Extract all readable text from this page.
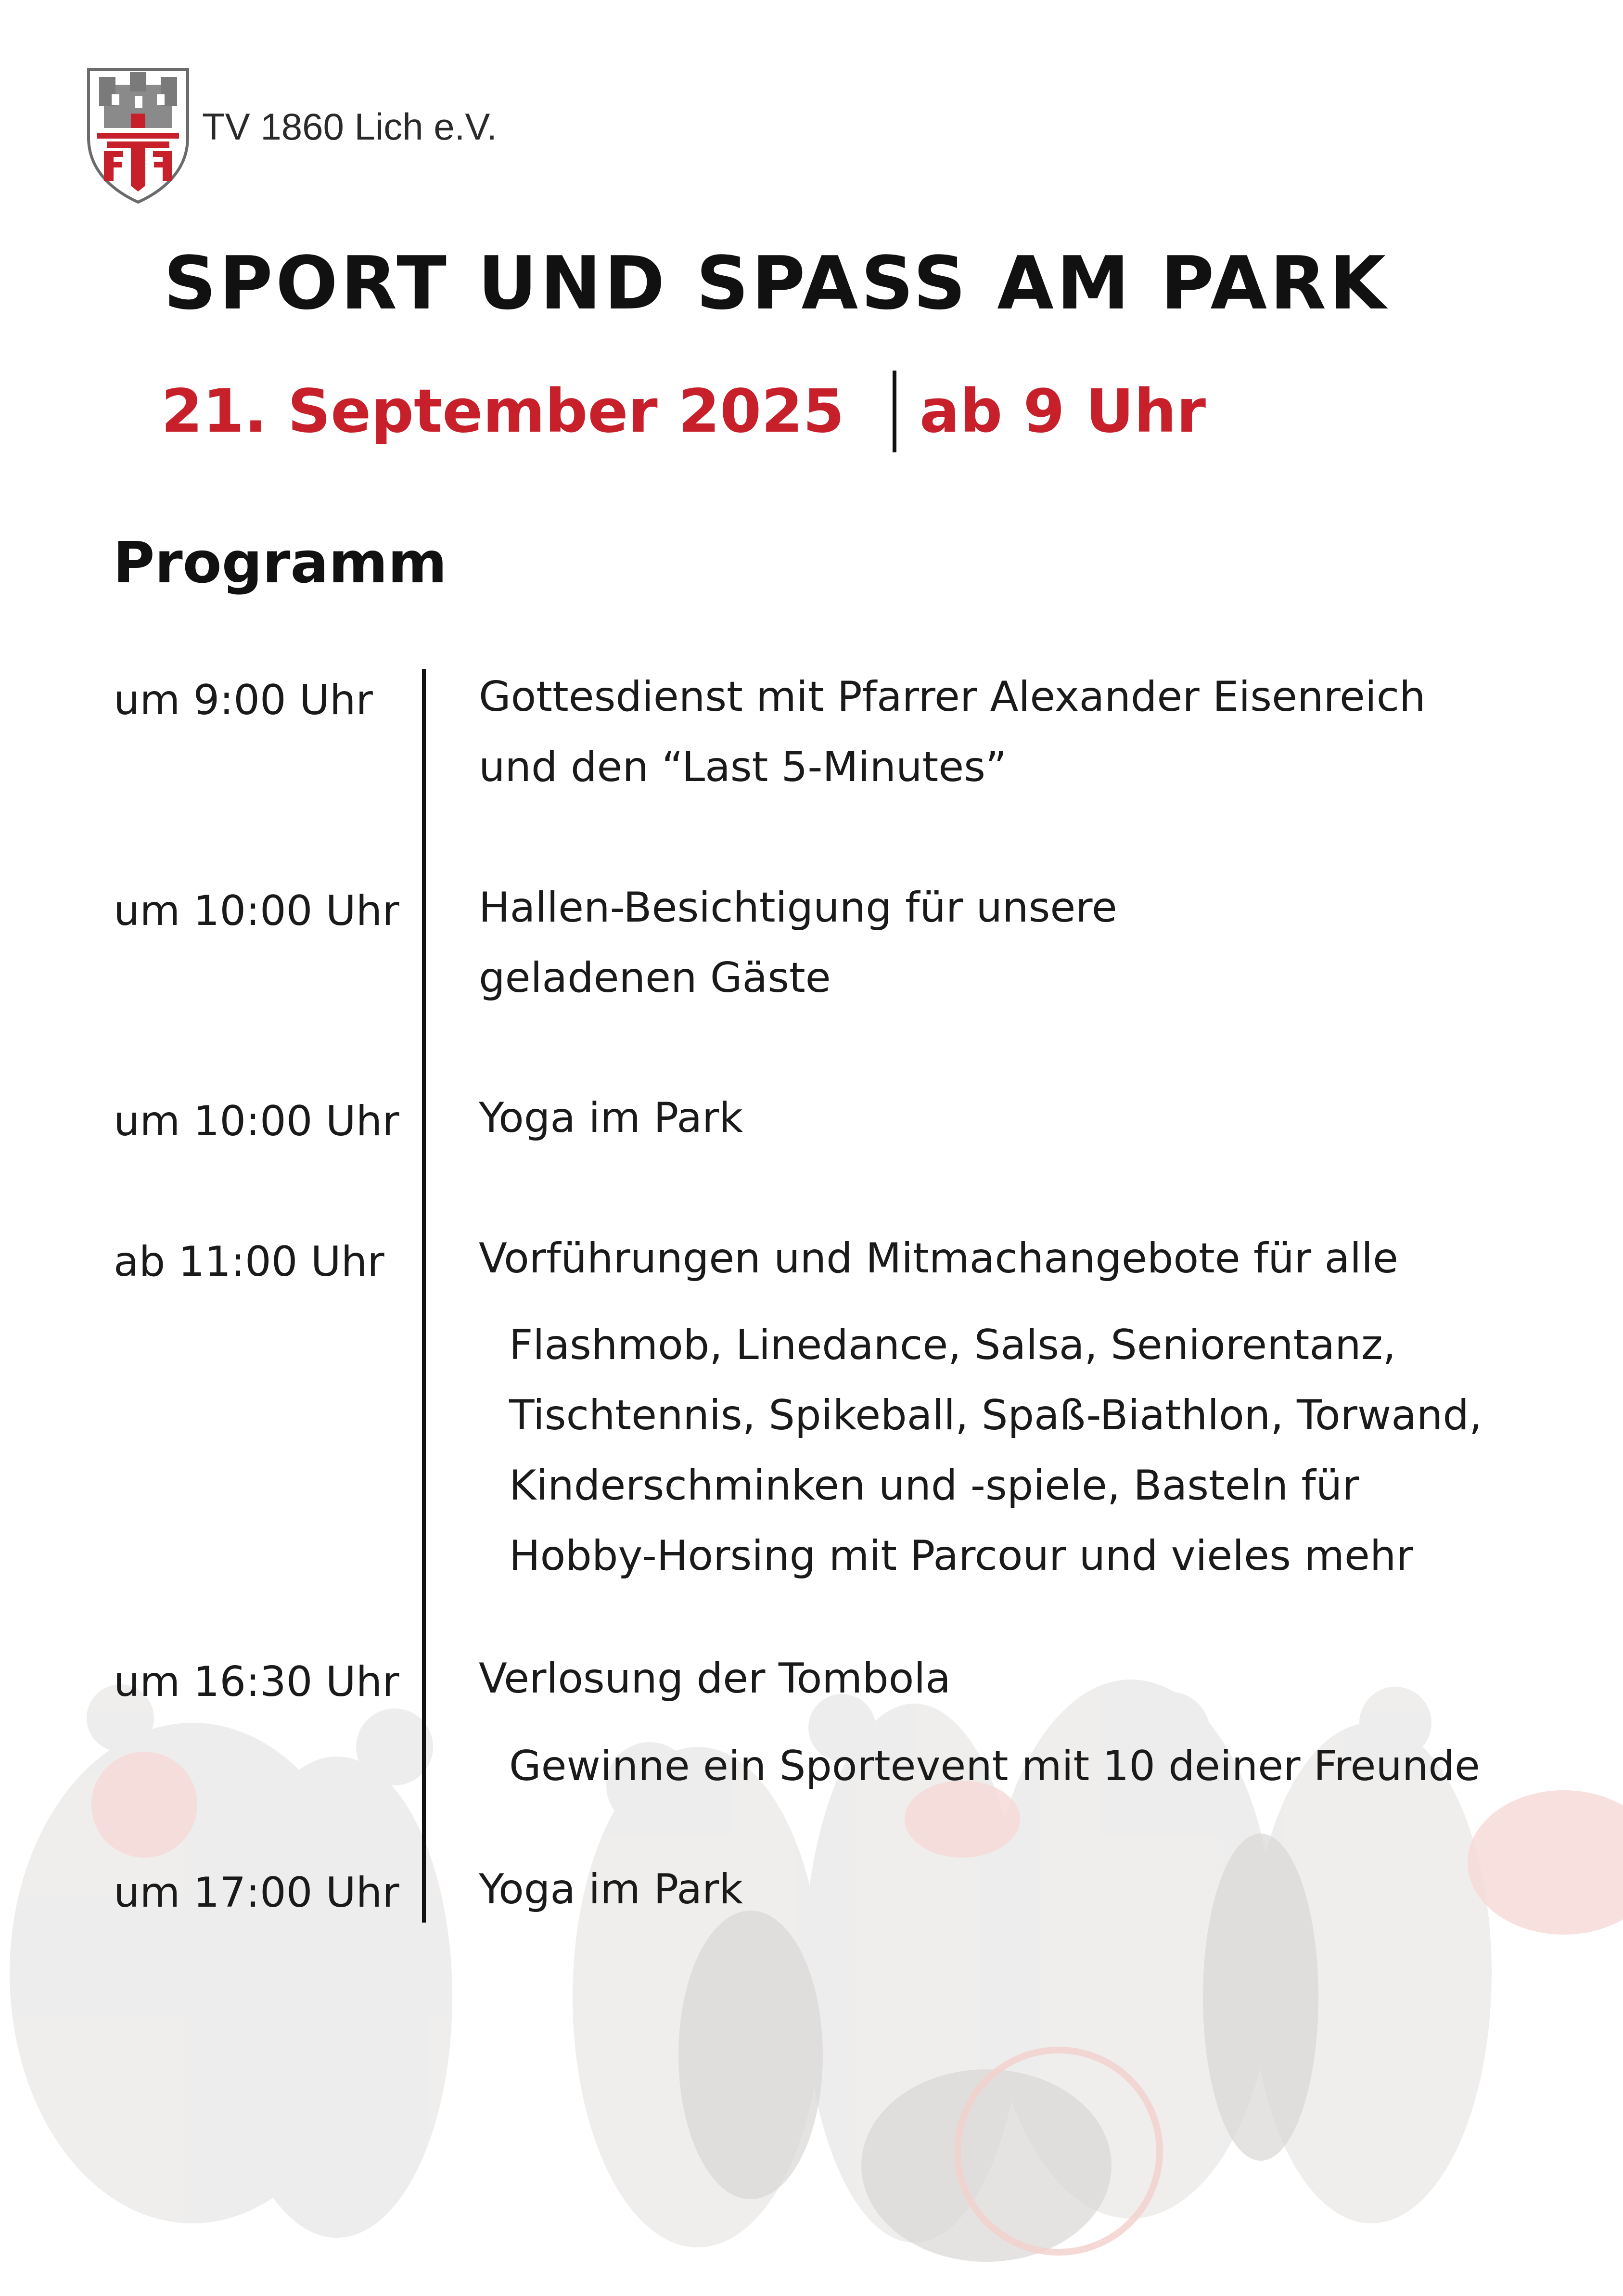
TV 1860 Lich e.V.
SPORT UND SPASS AM PARK
21. September 2025 ab 9 Uhr
Programm
um 9:00 Uhr	Gottesdienst mit Pfarrer Alexander Eisenreich
und den “Last 5-Minutes”
um 10:00 Uhr Hallen-Besichtigung für unsere
geladenen Gäste
um 10:00 Uhr Yoga im Park
ab 11:00 Uhr Vorführungen und Mitmachangebote für alle
Flashmob, Linedance, Salsa, Seniorentanz,
Tischtennis, Spikeball, Spaß-Biathlon, Torwand,
Kinderschminken und -spiele, Basteln für
Hobby-Horsing mit Parcour und vieles mehr
um 16:30 Uhr Verlosung der Tombola
Gewinne ein Sportevent mit 10 deiner Freunde
um 17:00 Uhr Yoga im Park
